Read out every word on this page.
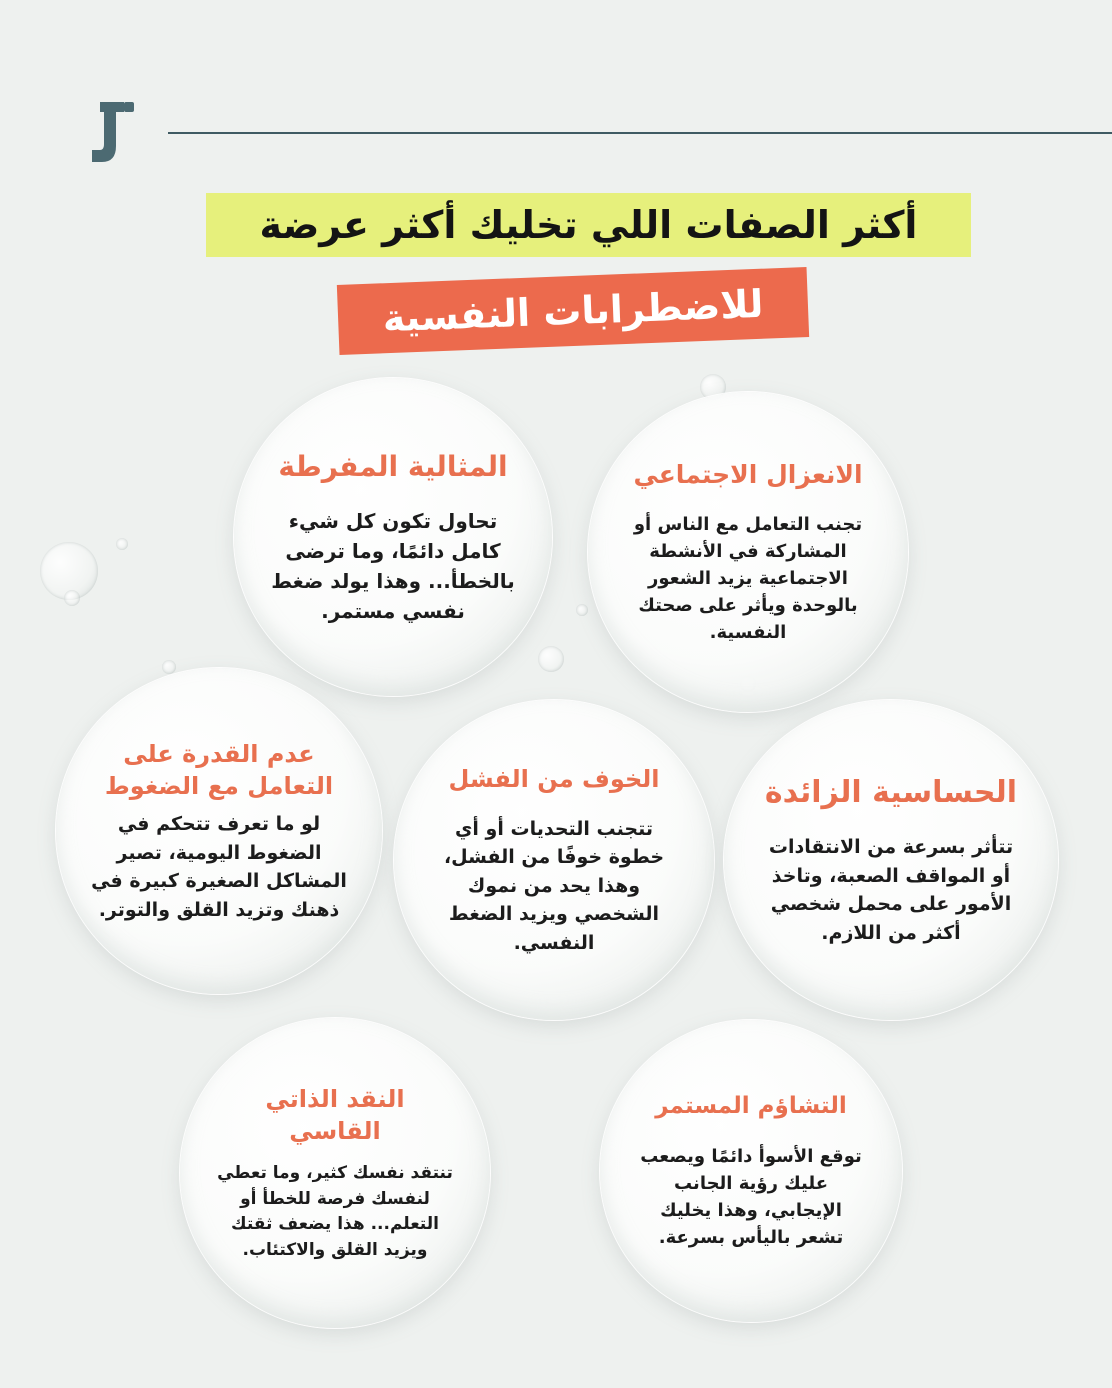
أكثر الصفات اللي تخليك أكثر عرضة
للاضطرابات النفسية
المثالية المفرطة

تحاول تكون كل شيء كامل دائمًا، وما ترضى بالخطأ... وهذا يولد ضغط نفسي مستمر.

الانعزال الاجتماعي

تجنب التعامل مع الناس أو المشاركة في الأنشطة الاجتماعية يزيد الشعور بالوحدة ويأثر على صحتك النفسية.

عدم القدرة على التعامل مع الضغوط

لو ما تعرف تتحكم في الضغوط اليومية، تصير المشاكل الصغيرة كبيرة في ذهنك وتزيد القلق والتوتر.

الخوف من الفشل

تتجنب التحديات أو أي خطوة خوفًا من الفشل، وهذا يحد من نموك الشخصي ويزيد الضغط النفسي.

الحساسية الزائدة

تتأثر بسرعة من الانتقادات أو المواقف الصعبة، وتاخذ الأمور على محمل شخصي أكثر من اللازم.

النقد الذاتي القاسي

تنتقد نفسك كثير، وما تعطي لنفسك فرصة للخطأ أو التعلم... هذا يضعف ثقتك ويزيد القلق والاكتئاب.

التشاؤم المستمر

توقع الأسوأ دائمًا ويصعب عليك رؤية الجانب الإيجابي، وهذا يخليك تشعر باليأس بسرعة.
